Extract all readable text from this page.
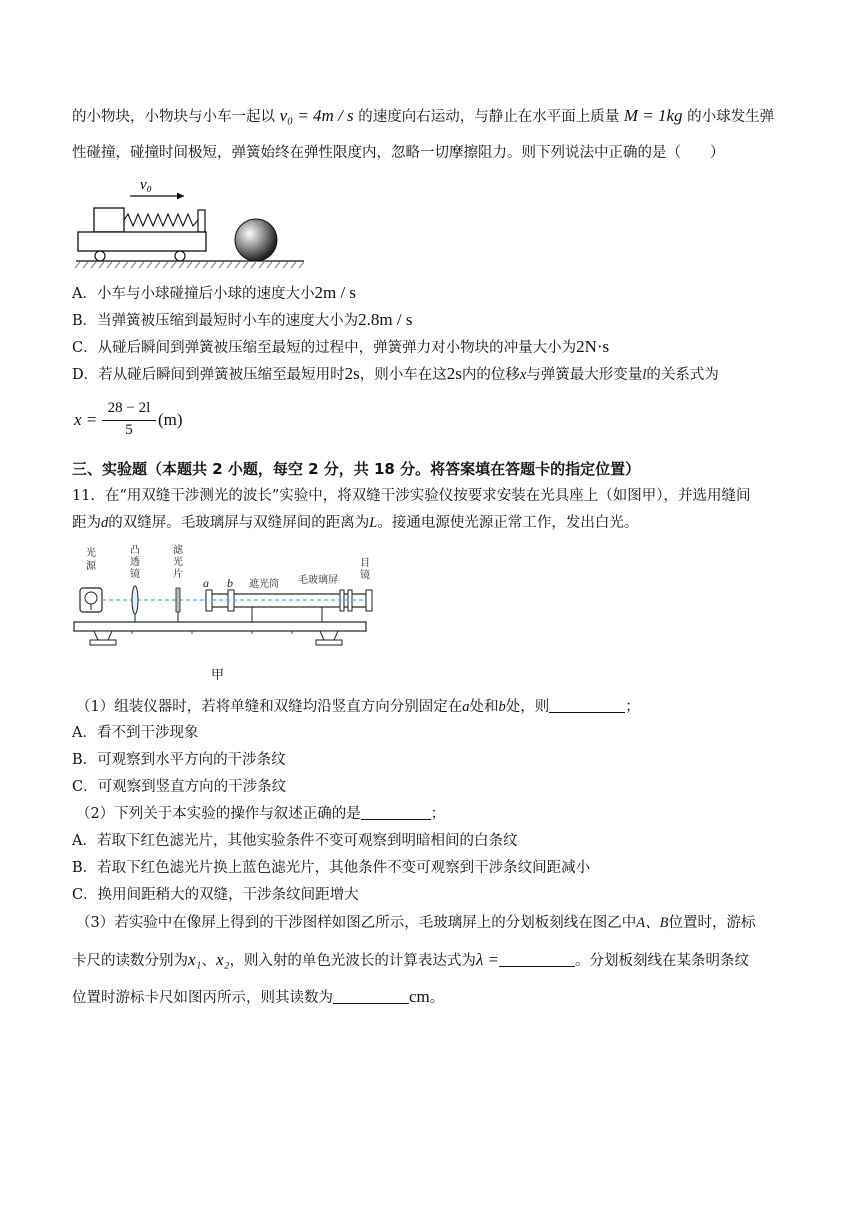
的小物块，小物块与小车一起以 v₀ = 4m / s 的速度向右运动，与静止在水平面上质量 M = 1kg 的小球发生弹
性碰撞，碰撞时间极短，弹簧始终在弹性限度内，忽略一切摩擦阻力。则下列说法中正确的是（　　）
v₀
A．小车与小球碰撞后小球的速度大小2m / s
B．当弹簧被压缩到最短时小车的速度大小为2.8m / s
C．从碰后瞬间到弹簧被压缩至最短的过程中，弹簧弹力对小物块的冲量大小为2N·s
D．若从碰后瞬间到弹簧被压缩至最短用时2s，则小车在这2s内的位移x与弹簧最大形变量l的关系式为
x =
28 − 2l
5
(m)
三、实验题（本题共 2 小题，每空 2 分，共 18 分。将答案填在答题卡的指定位置）
11．在“用双缝干涉测光的波长”实验中，将双缝干涉实验仪按要求安装在光具座上（如图甲），并选用缝间
距为d的双缝屏。毛玻璃屏与双缝屏间的距离为L。接通电源使光源正常工作，发出白光。
光
源
凸
透
镜
滤
光
片
a b 遮光筒 毛玻璃屏
目
镜
甲
（1）组装仪器时，若将单缝和双缝均沿竖直方向分别固定在a处和b处，则	；
A．看不到干涉现象
B．可观察到水平方向的干涉条纹
C．可观察到竖直方向的干涉条纹
（2）下列关于本实验的操作与叙述正确的是	；
A．若取下红色滤光片，其他实验条件不变可观察到明暗相间的白条纹
B．若取下红色滤光片换上蓝色滤光片，其他条件不变可观察到干涉条纹间距减小
C．换用间距稍大的双缝，干涉条纹间距增大
（3）若实验中在像屏上得到的干涉图样如图乙所示，毛玻璃屏上的分划板刻线在图乙中A、B位置时，游标
卡尺的读数分别为x₁、x₂，则入射的单色光波长的计算表达式为λ =	。分划板刻线在某条明条纹
位置时游标卡尺如图丙所示，则其读数为	cm。
